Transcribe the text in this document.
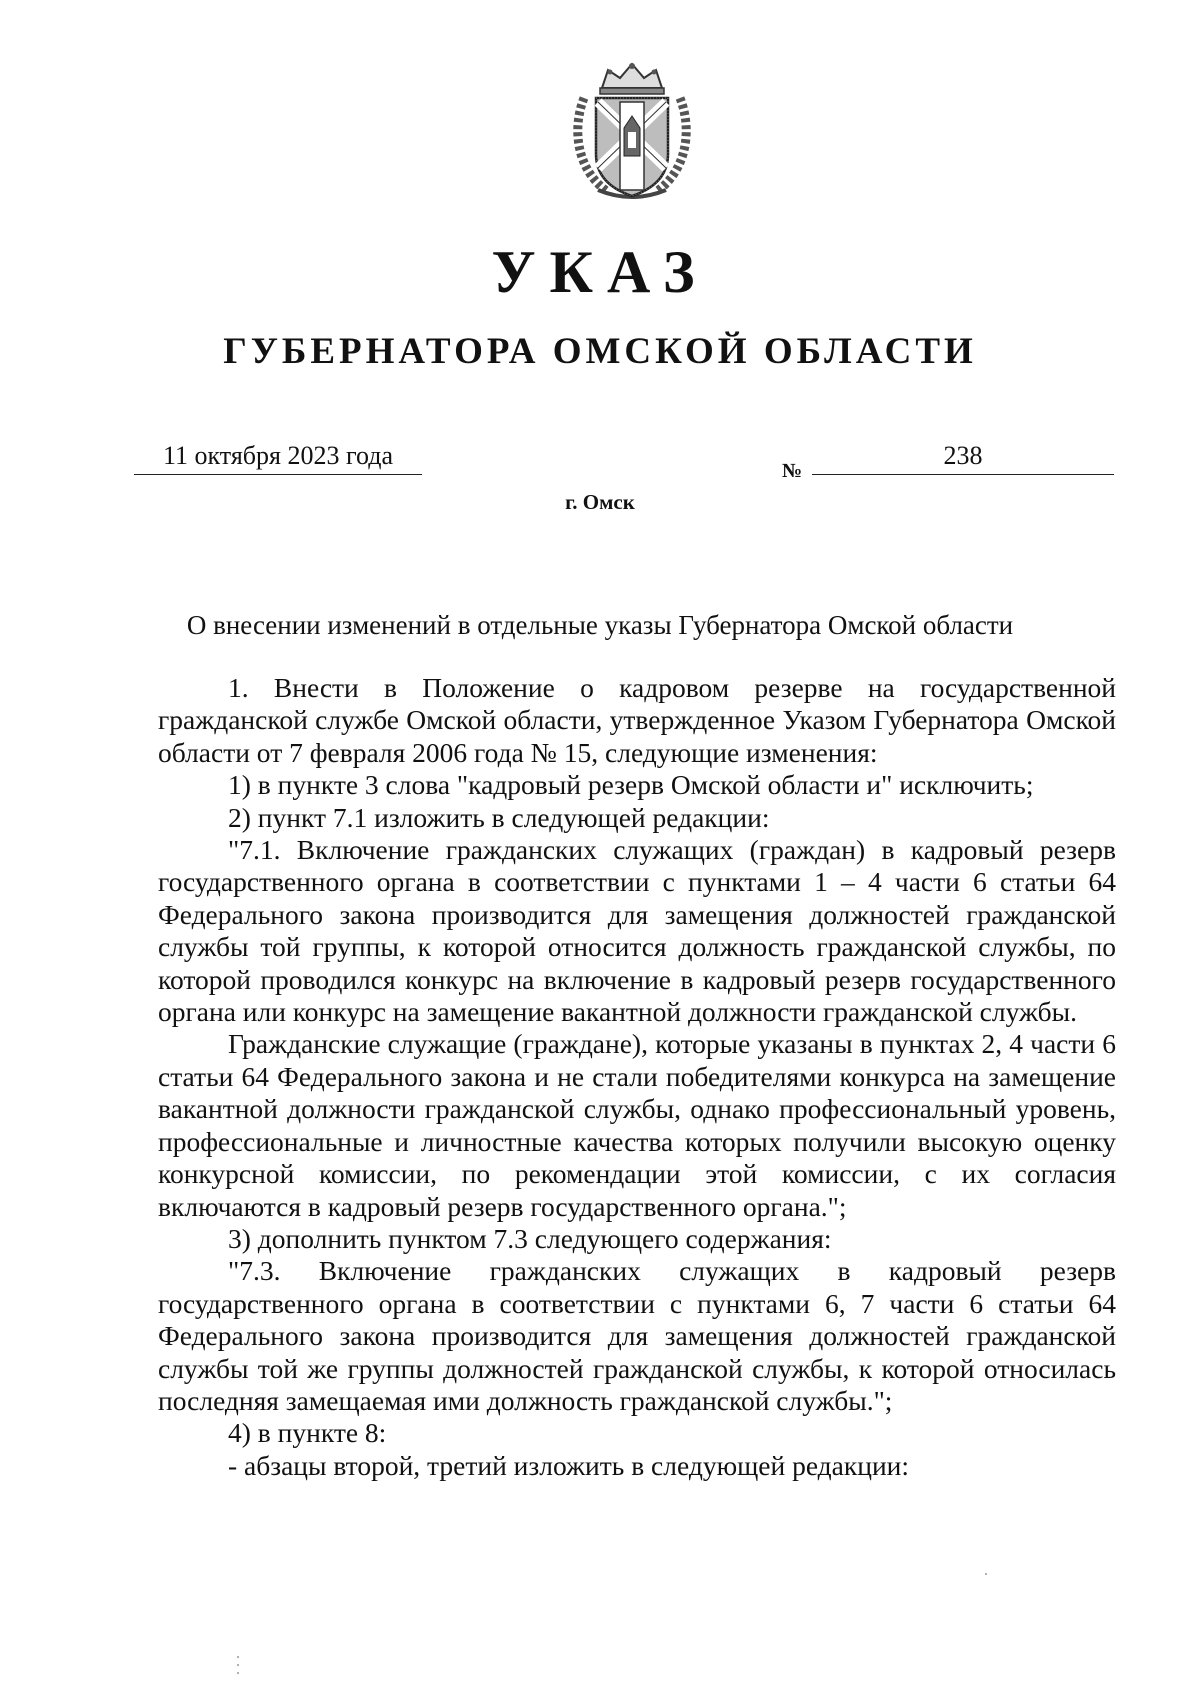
УКАЗ
ГУБЕРНАТОРА ОМСКОЙ ОБЛАСТИ
11 октября 2023 года
№
238
г. Омск
О внесении изменений в отдельные указы Губернатора Омской области

1. Внести в Положение о кадровом резерве на государственной гражданской службе Омской области, утвержденное Указом Губернатора Омской области от 7 февраля 2006 года № 15, следующие изменения:

1) в пункте 3 слова "кадровый резерв Омской области и" исключить;

2) пункт 7.1 изложить в следующей редакции:

"7.1. Включение гражданских служащих (граждан) в кадровый резерв государственного органа в соответствии с пунктами 1 – 4 части 6 статьи 64 Федерального закона производится для замещения должностей гражданской службы той группы, к которой относится должность гражданской службы, по которой проводился конкурс на включение в кадровый резерв государственного органа или конкурс на замещение вакантной должности гражданской службы.

Гражданские служащие (граждане), которые указаны в пунктах 2, 4 части 6 статьи 64 Федерального закона и не стали победителями конкурса на замещение вакантной должности гражданской службы, однако профессиональный уровень, профессиональные и личностные качества которых получили высокую оценку конкурсной комиссии, по рекомендации этой комиссии, с их согласия включаются в кадровый резерв государственного органа.";

3) дополнить пунктом 7.3 следующего содержания:

"7.3. Включение гражданских служащих в кадровый резерв государственного органа в соответствии с пунктами 6, 7 части 6 статьи 64 Федерального закона производится для замещения должностей гражданской службы той же группы должностей гражданской службы, к которой относилась последняя замещаемая ими должность гражданской службы.";

4) в пункте 8:

- абзацы второй, третий изложить в следующей редакции:
